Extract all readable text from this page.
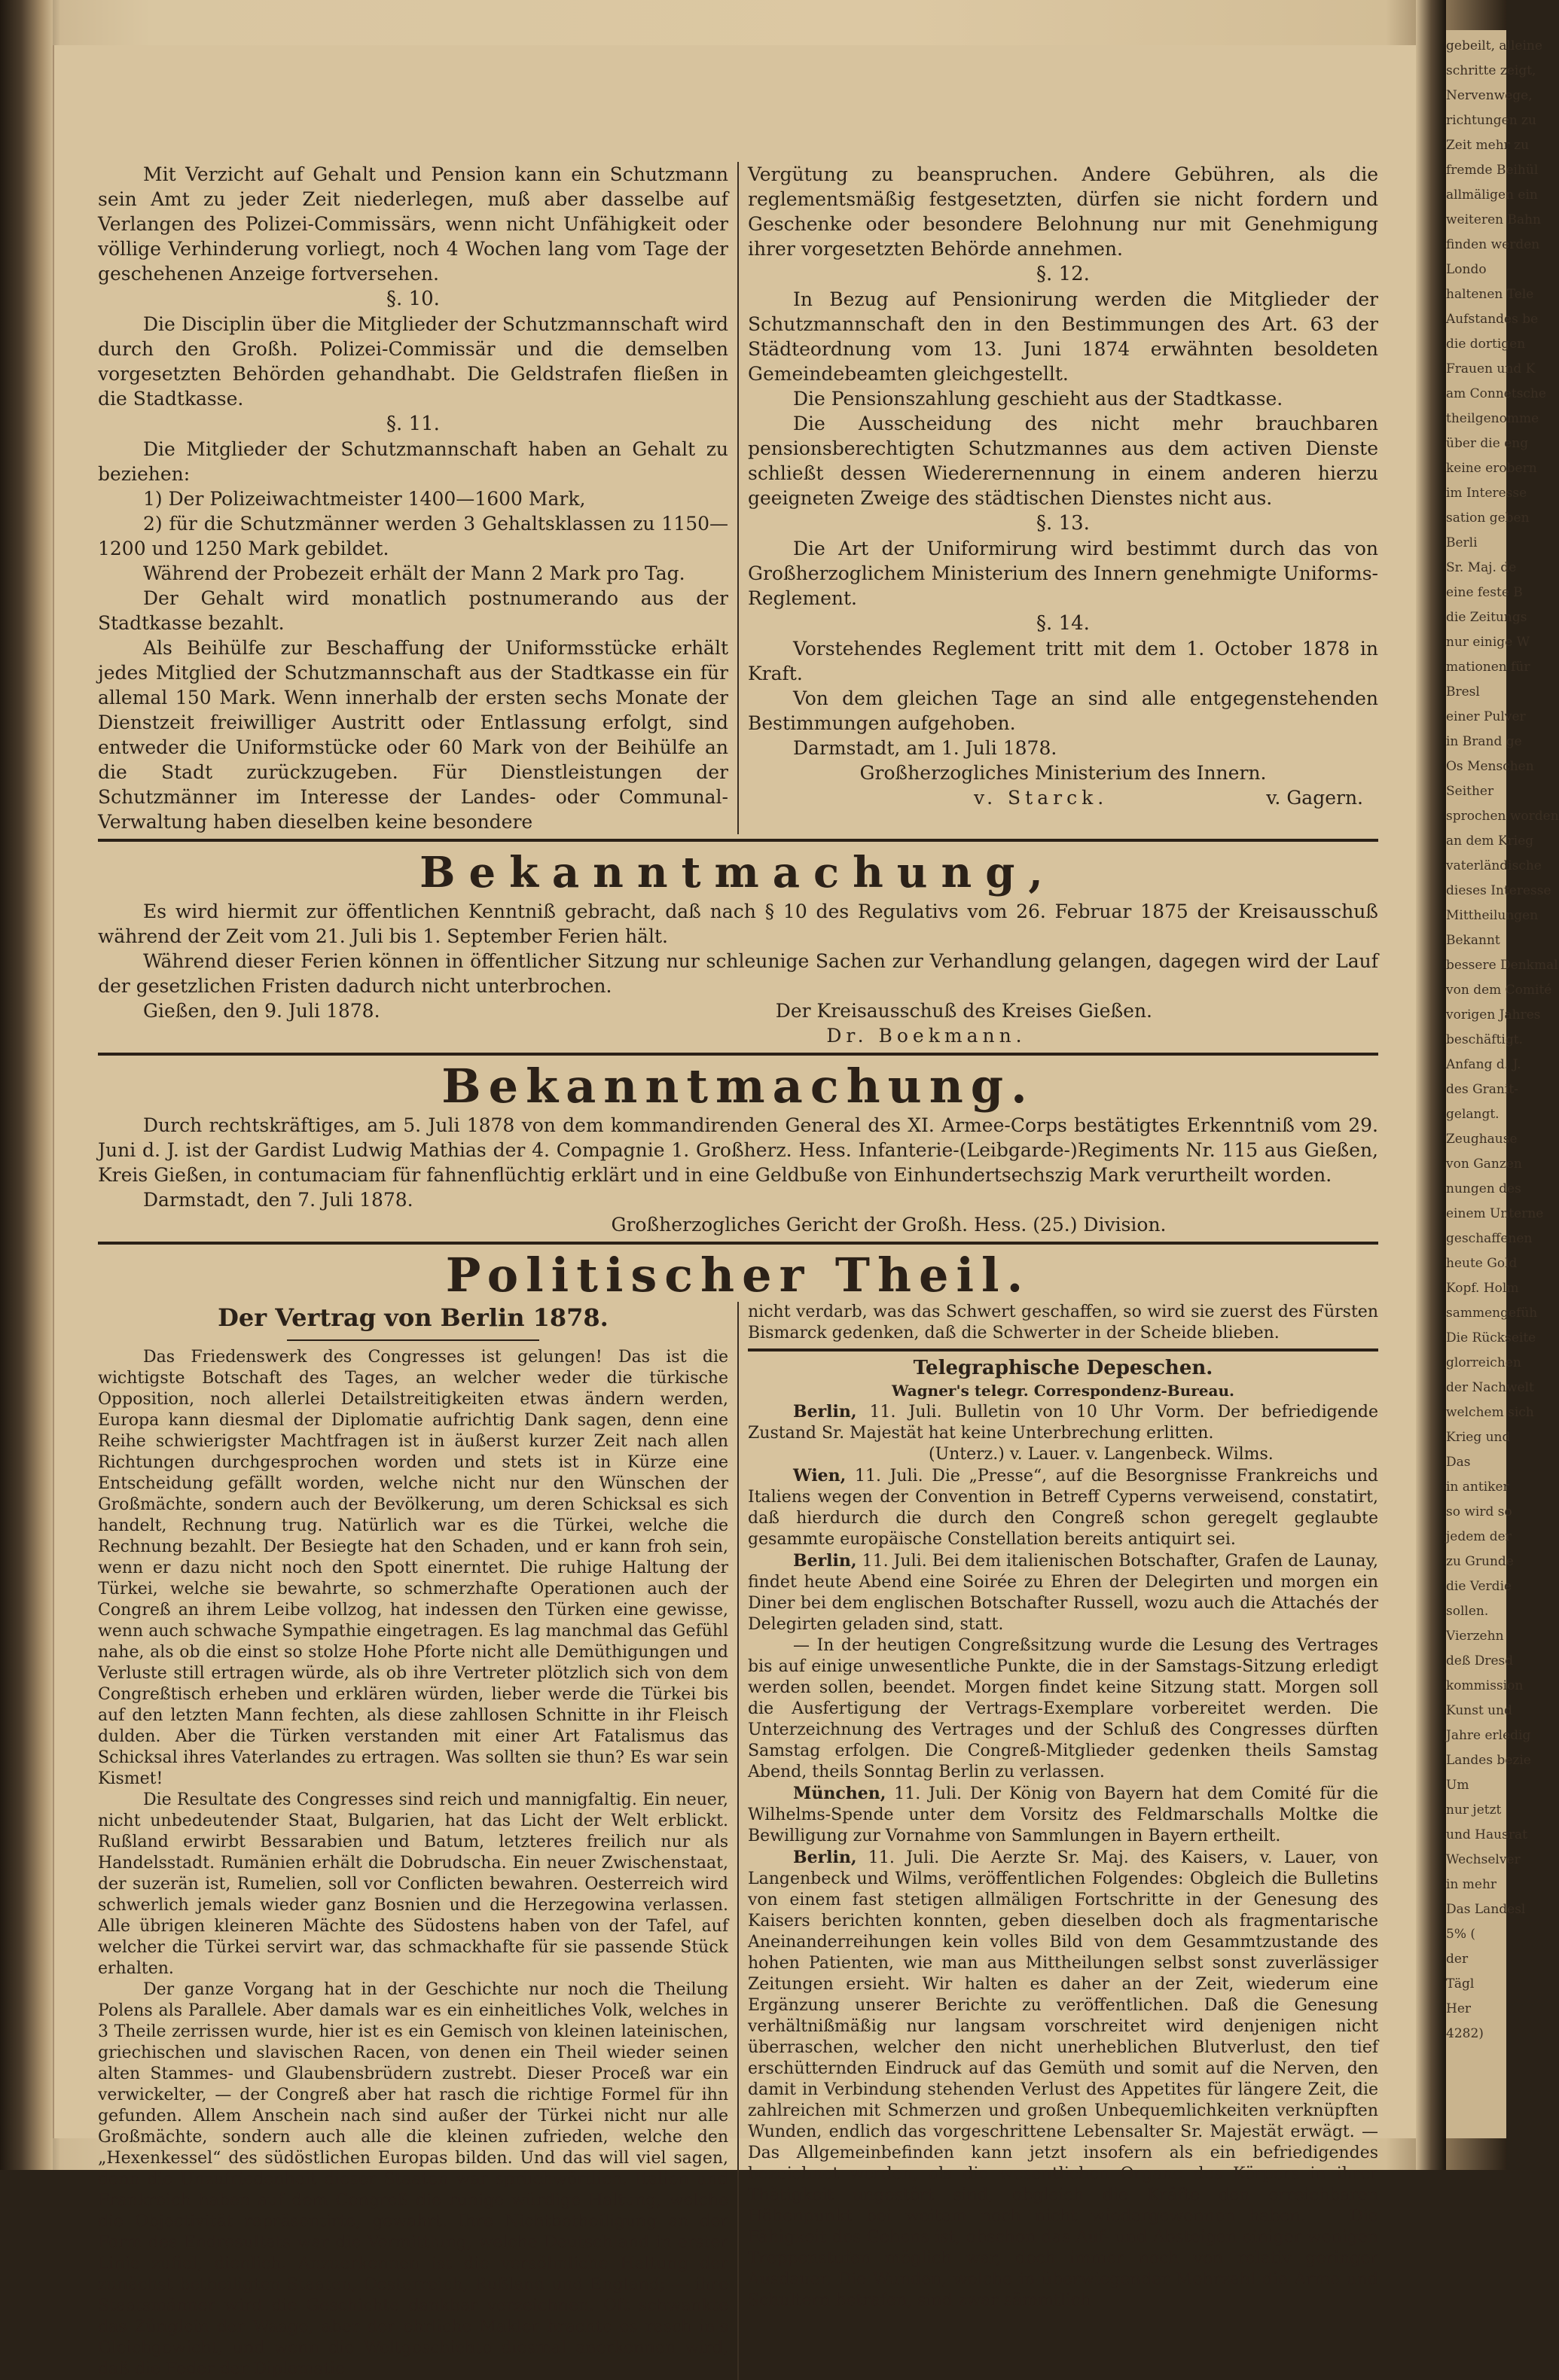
Mit Verzicht auf Gehalt und Pension kann ein Schutzmann sein Amt zu jeder Zeit niederlegen, muß aber dasselbe auf Verlangen des Polizei-Commissärs, wenn nicht Unfähigkeit oder völlige Verhinderung vorliegt, noch 4 Wochen lang vom Tage der geschehenen Anzeige fortversehen.

§. 10.

Die Disciplin über die Mitglieder der Schutzmannschaft wird durch den Großh. Polizei-Commissär und die demselben vorgesetzten Behörden gehandhabt. Die Geldstrafen fließen in die Stadtkasse.

§. 11.

Die Mitglieder der Schutzmannschaft haben an Gehalt zu beziehen:

1) Der Polizeiwachtmeister 1400—1600 Mark,

2) für die Schutzmänner werden 3 Gehaltsklassen zu 1150—1200 und 1250 Mark gebildet.

Während der Probezeit erhält der Mann 2 Mark pro Tag.

Der Gehalt wird monatlich postnumerando aus der Stadtkasse bezahlt.

Als Beihülfe zur Beschaffung der Uniformsstücke erhält jedes Mitglied der Schutzmannschaft aus der Stadtkasse ein für allemal 150 Mark. Wenn innerhalb der ersten sechs Monate der Dienstzeit freiwilliger Austritt oder Entlassung erfolgt, sind entweder die Uniformstücke oder 60 Mark von der Beihülfe an die Stadt zurückzugeben. Für Dienstleistungen der Schutzmänner im Interesse der Landes- oder Communal-Verwaltung haben dieselben keine besondere

Vergütung zu beanspruchen. Andere Gebühren, als die reglementsmäßig festgesetzten, dürfen sie nicht fordern und Geschenke oder besondere Belohnung nur mit Genehmigung ihrer vorgesetzten Behörde annehmen.

§. 12.

In Bezug auf Pensionirung werden die Mitglieder der Schutzmannschaft den in den Bestimmungen des Art. 63 der Städteordnung vom 13. Juni 1874 erwähnten besoldeten Gemeindebeamten gleichgestellt.

Die Pensionszahlung geschieht aus der Stadtkasse.

Die Ausscheidung des nicht mehr brauchbaren pensionsberechtigten Schutzmannes aus dem activen Dienste schließt dessen Wiederernennung in einem anderen hierzu geeigneten Zweige des städtischen Dienstes nicht aus.

§. 13.

Die Art der Uniformirung wird bestimmt durch das von Großherzoglichem Ministerium des Innern genehmigte Uniforms-Reglement.

§. 14.

Vorstehendes Reglement tritt mit dem 1. October 1878 in Kraft.

Von dem gleichen Tage an sind alle entgegenstehenden Bestimmungen aufgehoben.

Darmstadt, am 1. Juli 1878.

Großherzogliches Ministerium des Innern.

v. Starck.	v. Gagern.
Bekanntmachung,

Es wird hiermit zur öffentlichen Kenntniß gebracht, daß nach § 10 des Regulativs vom 26. Februar 1875 der Kreisausschuß während der Zeit vom 21. Juli bis 1. September Ferien hält.

Während dieser Ferien können in öffentlicher Sitzung nur schleunige Sachen zur Verhandlung gelangen, dagegen wird der Lauf der gesetzlichen Fristen dadurch nicht unterbrochen.

Gießen, den 9. Juli 1878.	Der Kreisausschuß des Kreises Gießen.

Dr. Boekmann.

Bekanntmachung.

Durch rechtskräftiges, am 5. Juli 1878 von dem kommandirenden General des XI. Armee-Corps bestätigtes Erkenntniß vom 29. Juni d. J. ist der Gardist Ludwig Mathias der 4. Compagnie 1. Großherz. Hess. Infanterie-(Leibgarde-)Regiments Nr. 115 aus Gießen, Kreis Gießen, in contumaciam für fahnenflüchtig erklärt und in eine Geldbuße von Einhundertsechszig Mark verurtheilt worden.

Darmstadt, den 7. Juli 1878.

Großherzogliches Gericht der Großh. Hess. (25.) Division.

Politischer Theil.
Der Vertrag von Berlin 1878.

Das Friedenswerk des Congresses ist gelungen! Das ist die wichtigste Botschaft des Tages, an welcher weder die türkische Opposition, noch allerlei Detailstreitigkeiten etwas ändern werden, Europa kann diesmal der Diplomatie aufrichtig Dank sagen, denn eine Reihe schwierigster Machtfragen ist in äußerst kurzer Zeit nach allen Richtungen durchgesprochen worden und stets ist in Kürze eine Entscheidung gefällt worden, welche nicht nur den Wünschen der Großmächte, sondern auch der Bevölkerung, um deren Schicksal es sich handelt, Rechnung trug. Natürlich war es die Türkei, welche die Rechnung bezahlt. Der Besiegte hat den Schaden, und er kann froh sein, wenn er dazu nicht noch den Spott einerntet. Die ruhige Haltung der Türkei, welche sie bewahrte, so schmerzhafte Operationen auch der Congreß an ihrem Leibe vollzog, hat indessen den Türken eine gewisse, wenn auch schwache Sympathie eingetragen. Es lag manchmal das Gefühl nahe, als ob die einst so stolze Hohe Pforte nicht alle Demüthigungen und Verluste still ertragen würde, als ob ihre Vertreter plötzlich sich von dem Congreßtisch erheben und erklären würden, lieber werde die Türkei bis auf den letzten Mann fechten, als diese zahllosen Schnitte in ihr Fleisch dulden. Aber die Türken verstanden mit einer Art Fatalismus das Schicksal ihres Vaterlandes zu ertragen. Was sollten sie thun? Es war sein Kismet!

Die Resultate des Congresses sind reich und mannigfaltig. Ein neuer, nicht unbedeutender Staat, Bulgarien, hat das Licht der Welt erblickt. Rußland erwirbt Bessarabien und Batum, letzteres freilich nur als Handelsstadt. Rumänien erhält die Dobrudscha. Ein neuer Zwischenstaat, der suzerän ist, Rumelien, soll vor Conflicten bewahren. Oesterreich wird schwerlich jemals wieder ganz Bosnien und die Herzegowina verlassen. Alle übrigen kleineren Mächte des Südostens haben von der Tafel, auf welcher die Türkei servirt war, das schmackhafte für sie passende Stück erhalten.

Der ganze Vorgang hat in der Geschichte nur noch die Theilung Polens als Parallele. Aber damals war es ein einheitliches Volk, welches in 3 Theile zerrissen wurde, hier ist es ein Gemisch von kleinen lateinischen, griechischen und slavischen Racen, von denen ein Theil wieder seinen alten Stammes- und Glaubensbrüdern zustrebt. Dieser Proceß war ein verwickelter, — der Congreß aber hat rasch die richtige Formel für ihn gefunden. Allem Anschein nach sind außer der Türkei nicht nur alle Großmächte, sondern auch alle die kleinen zufrieden, welche den „Hexenkessel“ des südöstlichen Europas bilden. Und das will viel sagen, denn die Unzufriedenheit dieser Staaten war sprüchwörtlich. Italien und Frankreich haben auf dem Congreß die ruhige würdige Haltung, welche die Objectivität repräsentirte, gewahrt. Ihre Nichtbetheiligung an der Form des Endresultats war die Vermittlung, welche Deutschland in erster Linie zufiel, dienlich. Anzuerkennen ist die versöhnliche Haltung der zunächst betheiligten Staaten, Oesterreich, Rußland und England; — ihre Staatsmänner wird die Geschichte dankbar verzeichnen. Oft schwankte das Zünglein der Waage, aber der ehrliche Makler brachte es rasch in's Gleichgewicht, und wenn die Weltgeschichte diesmal anerkennen wird, daß die Feder der Diplomatie

nicht verdarb, was das Schwert geschaffen, so wird sie zuerst des Fürsten Bismarck gedenken, daß die Schwerter in der Scheide blieben.

Telegraphische Depeschen.
Wagner's telegr. Correspondenz-Bureau.

Berlin, 11. Juli. Bulletin von 10 Uhr Vorm. Der befriedigende Zustand Sr. Majestät hat keine Unterbrechung erlitten.

(Unterz.) v. Lauer. v. Langenbeck. Wilms.

Wien, 11. Juli. Die „Presse“, auf die Besorgnisse Frankreichs und Italiens wegen der Convention in Betreff Cyperns verweisend, constatirt, daß hierdurch die durch den Congreß schon geregelt geglaubte gesammte europäische Constellation bereits antiquirt sei.

Berlin, 11. Juli. Bei dem italienischen Botschafter, Grafen de Launay, findet heute Abend eine Soirée zu Ehren der Delegirten und morgen ein Diner bei dem englischen Botschafter Russell, wozu auch die Attachés der Delegirten geladen sind, statt.

— In der heutigen Congreßsitzung wurde die Lesung des Vertrages bis auf einige unwesentliche Punkte, die in der Samstags-Sitzung erledigt werden sollen, beendet. Morgen findet keine Sitzung statt. Morgen soll die Ausfertigung der Vertrags-Exemplare vorbereitet werden. Die Unterzeichnung des Vertrages und der Schluß des Congresses dürften Samstag erfolgen. Die Congreß-Mitglieder gedenken theils Samstag Abend, theils Sonntag Berlin zu verlassen.

München, 11. Juli. Der König von Bayern hat dem Comité für die Wilhelms-Spende unter dem Vorsitz des Feldmarschalls Moltke die Bewilligung zur Vornahme von Sammlungen in Bayern ertheilt.

Berlin, 11. Juli. Die Aerzte Sr. Maj. des Kaisers, v. Lauer, von Langenbeck und Wilms, veröffentlichen Folgendes: Obgleich die Bulletins von einem fast stetigen allmäligen Fortschritte in der Genesung des Kaisers berichten konnten, geben dieselben doch als fragmentarische Aneinanderreihungen kein volles Bild von dem Gesammtzustande des hohen Patienten, wie man aus Mittheilungen selbst sonst zuverlässiger Zeitungen ersieht. Wir halten es daher an der Zeit, wiederum eine Ergänzung unserer Berichte zu veröffentlichen. Daß die Genesung verhältnißmäßig nur langsam vorschreitet wird denjenigen nicht überraschen, welcher den nicht unerheblichen Blutverlust, den tief erschütternden Eindruck auf das Gemüth und somit auf die Nerven, den damit in Verbindung stehenden Verlust des Appetites für längere Zeit, die zahlreichen mit Schmerzen und großen Unbequemlichkeiten verknüpften Wunden, endlich das vorgeschrittene Lebensalter Sr. Majestät erwägt. — Das Allgemeinbefinden kann jetzt insofern als ein befriedigendes bezeichnet werden, als die wesentlichen Organe des Körpers in ihrer Thätigkeit ungestört sind, obgleich die Kräfte den erreichbaren Höhenpunkt bei weitem noch nicht wiedergewonnen haben. — Die Fähigkeit des Gehens ist, obschon das Auf- und Absteigen einiger wenigen Treppenstufen möglich war, doch immer noch von relativ geringer Ausdauer. Die Wunden, welche in überwiegender Mehrzahl die Arme und Schultern betrafen, sind zwar sämmtlich

gebeilt, alleine
schritte zeigt,
Nervenwege,
richtungen zu
Zeit mehr zu
fremde Beihül
allmäligen ein
weiteren Bahn
finden werden
Londo
haltenen Tele
Aufstandes be
die dortigen
Frauen und K
am Connetsche
theilgenomme
über die eng
keine erobern
im Interesse
sation geben
Berli
Sr. Maj. de
eine feste B
die Zeitungs
nur einige W
mationen für
Bresl
einer Pulver
in Brand ge
Os Menschen
Seither
sprochen worden
an dem Krieg
vaterländische
dieses Interesse
Mittheilungen
Bekannt
bessere Denkmal
von dem Comité
vorigen Jahres
beschäftigt.
Anfang d. J.
des Granit-
gelangt.
Zeughause
von Ganzen
nungen des
einem Unterne
geschaffenen
heute Gold
Kopf. Holm
sammengefüh
Die Rückseite
glorreichen
der Nachwelt
welchem sich
Krieg und
Das
in antiker
so wird so
jedem der
zu Grunde
die Verdie
sollen.
Vierzehn
deß Dresd
kommission
Kunst und
Jahre erledig
Landes bezie
Um
nur jetzt
und Hausrat
Wechselver
in mehr
Das Landesl
5% (
der
Tägl
Her
4282)
